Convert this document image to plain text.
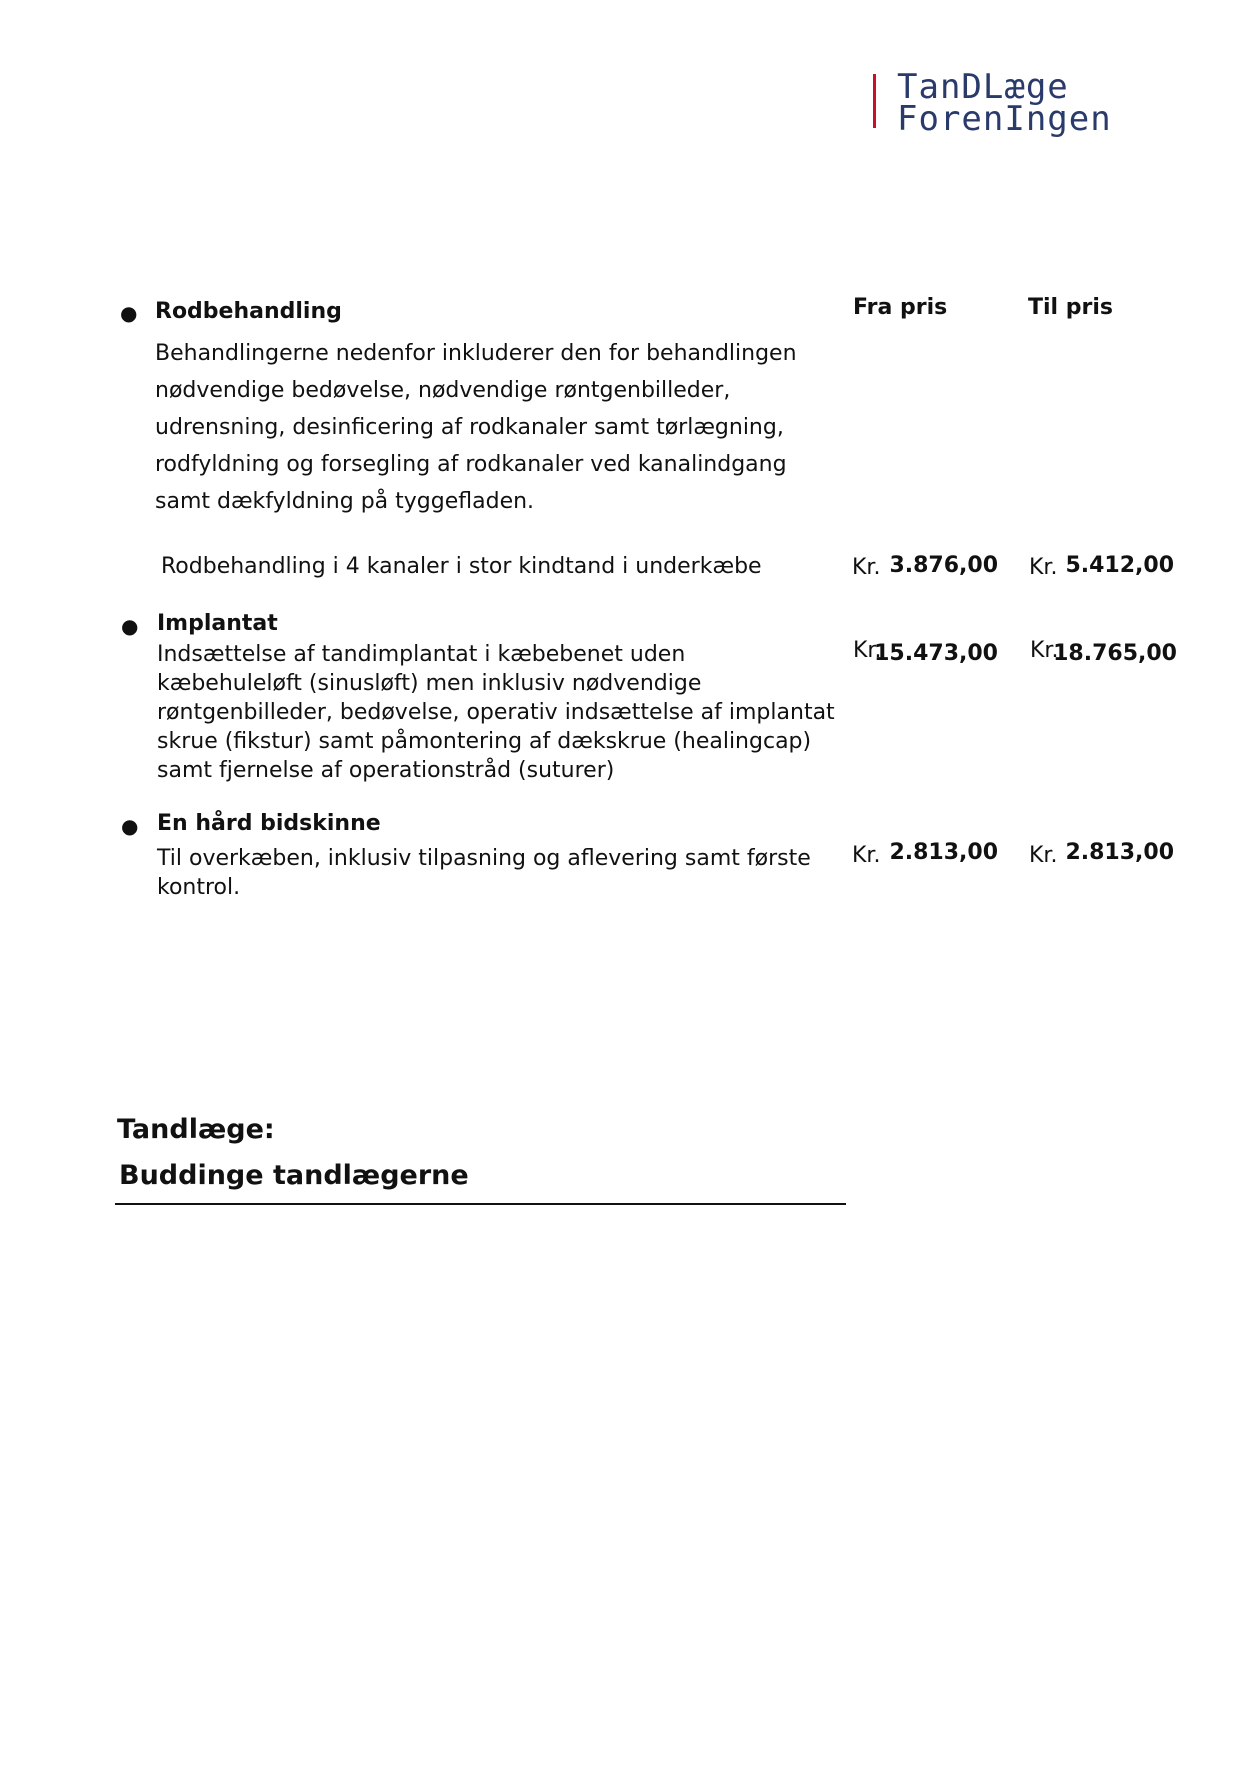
TanDLæge
ForenIngen
Fra pris	Til pris
● Rodbehandling
Behandlingerne nedenfor inkluderer den for behandlingen nødvendige bedøvelse, nødvendige røntgenbilleder, udrensning, desinficering af rodkanaler samt tørlægning, rodfyldning og forsegling af rodkanaler ved kanalindgang samt dækfyldning på tyggefladen.
Rodbehandling i 4 kanaler i stor kindtand i underkæbe	Kr. 3.876,00 Kr. 5.412,00
● Implantat
Indsættelse af tandimplantat i kæbebenet uden kæbehuleløft (sinusløft) men inklusiv nødvendige røntgenbilleder, bedøvelse, operativ indsættelse af implantat skrue (fikstur) samt påmontering af dækskrue (healingcap) samt fjernelse af operationstråd (suturer)
Kr.
15.473,00 Kr.
18.765,00
● En hård bidskinne
Til overkæben, inklusiv tilpasning og aflevering samt første kontrol.
Kr. 2.813,00 Kr. 2.813,00
Tandlæge:
Buddinge tandlægerne
